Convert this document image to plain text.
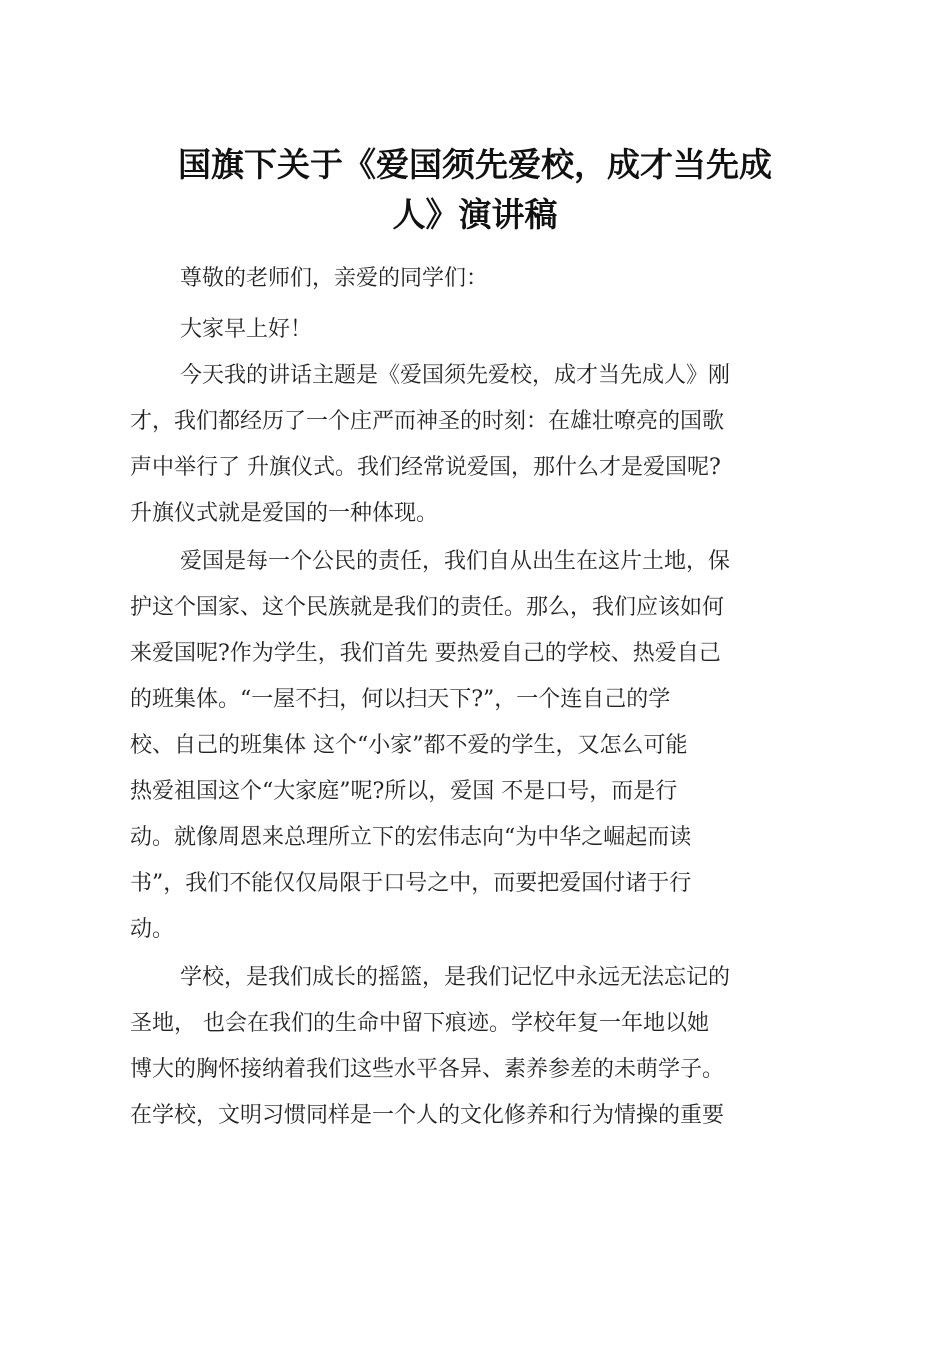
国旗下关于《爱国须先爱校，成才当先成
人》演讲稿
尊敬的老师们，亲爱的同学们：
大家早上好！
今天我的讲话主题是《爱国须先爱校，成才当先成人》刚
才，我们都经历了一个庄严而神圣的时刻：在雄壮嘹亮的国歌
声中举行了 升旗仪式。我们经常说爱国，那什么才是爱国呢?
升旗仪式就是爱国的一种体现。
爱国是每一个公民的责任，我们自从出生在这片土地，保
护这个国家、这个民族就是我们的责任。那么，我们应该如何
来爱国呢?作为学生，我们首先 要热爱自己的学校、热爱自己
的班集体。“一屋不扫，何以扫天下?”，一个连自己的学
校、自己的班集体 这个“小家”都不爱的学生，又怎么可能
热爱祖国这个“大家庭”呢?所以，爱国 不是口号，而是行
动。就像周恩来总理所立下的宏伟志向“为中华之崛起而读
书”，我们不能仅仅局限于口号之中，而要把爱国付诸于行
动。
学校，是我们成长的摇篮，是我们记忆中永远无法忘记的
圣地， 也会在我们的生命中留下痕迹。学校年复一年地以她
博大的胸怀接纳着我们这些水平各异、素养参差的未萌学子。
在学校，文明习惯同样是一个人的文化修养和行为情操的重要
